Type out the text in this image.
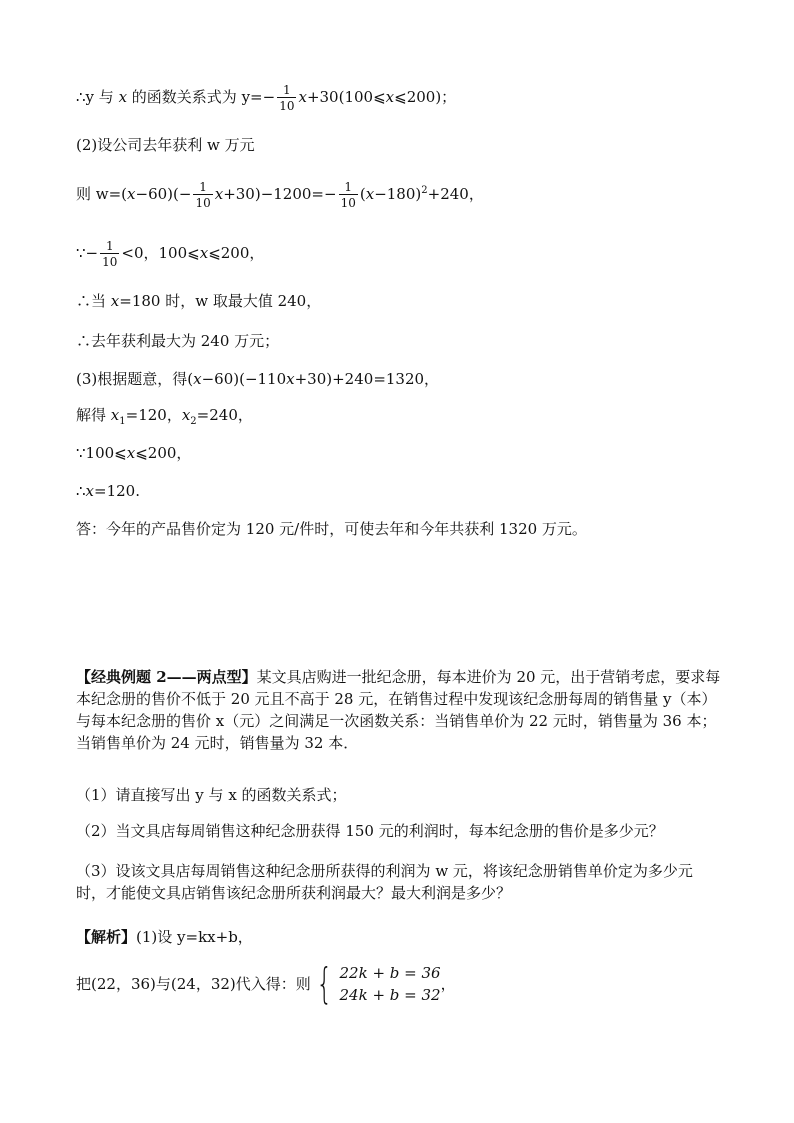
∴y 与 x 的函数关系式为 $y=- \frac{1}{10}$ x+30(100⩽x⩽200)；
(2)设公司去年获利 w 万元
则 $w=(x-60)(- \frac{1}{10} x+30)-1200=- \frac{1}{10} (x-180)^2+240$，
∵− $\frac{1}{10} <0$，100⩽x⩽200，
∴当 x=180 时，w 取最大值 240，
∴去年获利最大为 240 万元；
(3)根据题意，得(x−60)(−110x+30)+240=1320，
解得 $x_1=120$，$x_2=240$，
∵100⩽x⩽200，
∴x=120.
答：今年的产品售价定为 120 元/件时，可使去年和今年共获利 1320 万元。
【经典例题 2——两点型】某文具店购进一批纪念册，每本进价为 20 元，出于营销考虑，要求每本纪念册的售价不低于 20 元且不高于 28 元，在销售过程中发现该纪念册每周的销售量 y（本）与每本纪念册的售价 x（元）之间满足一次函数关系：当销售单价为 22 元时，销售量为 36 本；当销售单价为 24 元时，销售量为 32 本．
（1）请直接写出 y 与 x 的函数关系式；
（2）当文具店每周销售这种纪念册获得 150 元的利润时，每本纪念册的售价是多少元？
（3）设该文具店每周销售这种纪念册所获得的利润为 w 元，将该纪念册销售单价定为多少元时，才能使文具店销售该纪念册所获利润最大？最大利润是多少？
【解析】(1)设 y=kx+b，
把(22，36)与(24，32)代入得：则 { 22k + b = 36
24k + b = 32
，
